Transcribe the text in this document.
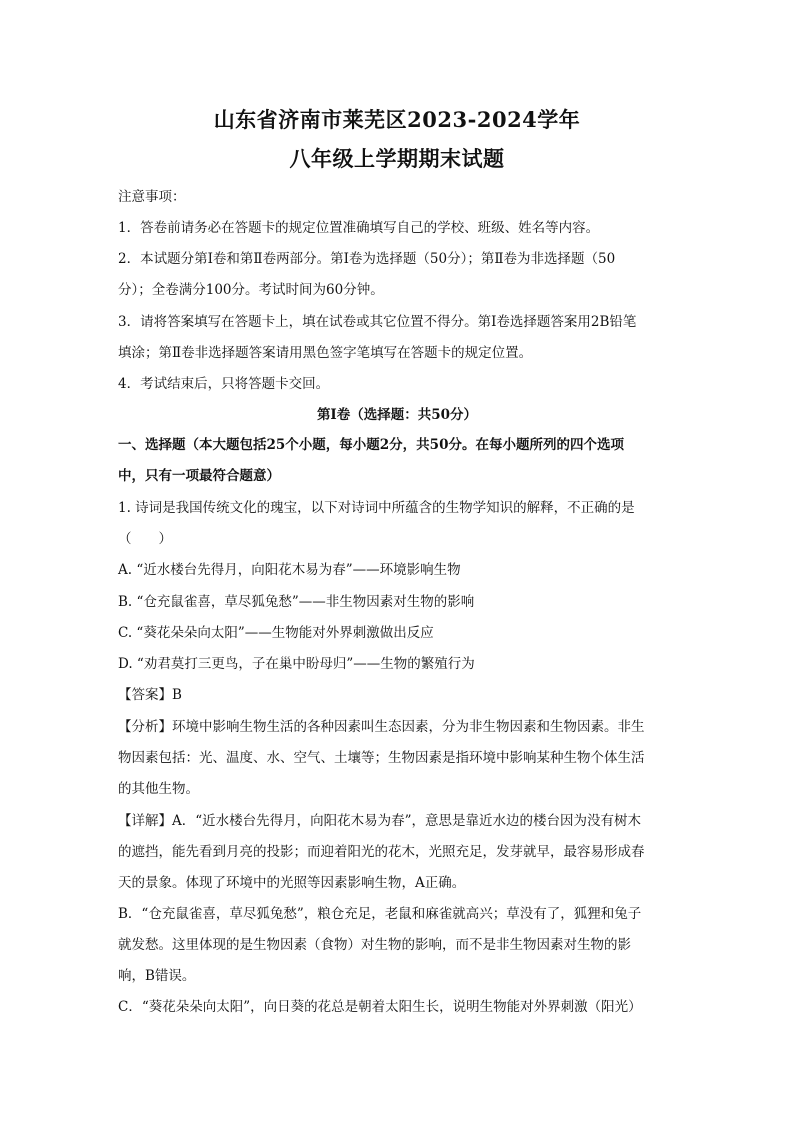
山东省济南市莱芜区2023-2024学年
八年级上学期期末试题
注意事项：
1．答卷前请务必在答题卡的规定位置准确填写自己的学校、班级、姓名等内容。
2．本试题分第Ⅰ卷和第Ⅱ卷两部分。第Ⅰ卷为选择题（50分）；第Ⅱ卷为非选择题（50
分）；全卷满分100分。考试时间为60分钟。
3．请将答案填写在答题卡上，填在试卷或其它位置不得分。第Ⅰ卷选择题答案用2B铅笔
填涂；第Ⅱ卷非选择题答案请用黑色签字笔填写在答题卡的规定位置。
4．考试结束后，只将答题卡交回。
第Ⅰ卷（选择题：共50分）
一、选择题（本大题包括25个小题，每小题2分，共50分。在每小题所列的四个选项
中，只有一项最符合题意）
1. 诗词是我国传统文化的瑰宝，以下对诗词中所蕴含的生物学知识的解释，不正确的是
（　　）
A. “近水楼台先得月，向阳花木易为春”——环境影响生物
B. “仓充鼠雀喜，草尽狐兔愁”——非生物因素对生物的影响
C. “葵花朵朵向太阳”——生物能对外界刺激做出反应
D. “劝君莫打三更鸟，子在巢中盼母归”——生物的繁殖行为
【答案】B
【分析】环境中影响生物生活的各种因素叫生态因素，分为非生物因素和生物因素。非生
物因素包括：光、温度、水、空气、土壤等；生物因素是指环境中影响某种生物个体生活
的其他生物。
【详解】A．“近水楼台先得月，向阳花木易为春”，意思是靠近水边的楼台因为没有树木
的遮挡，能先看到月亮的投影；而迎着阳光的花木，光照充足，发芽就早，最容易形成春
天的景象。体现了环境中的光照等因素影响生物，A正确。
B．“仓充鼠雀喜，草尽狐兔愁”，粮仓充足，老鼠和麻雀就高兴；草没有了，狐狸和兔子
就发愁。这里体现的是生物因素（食物）对生物的影响，而不是非生物因素对生物的影
响，B错误。
C．“葵花朵朵向太阳”，向日葵的花总是朝着太阳生长，说明生物能对外界刺激（阳光）
